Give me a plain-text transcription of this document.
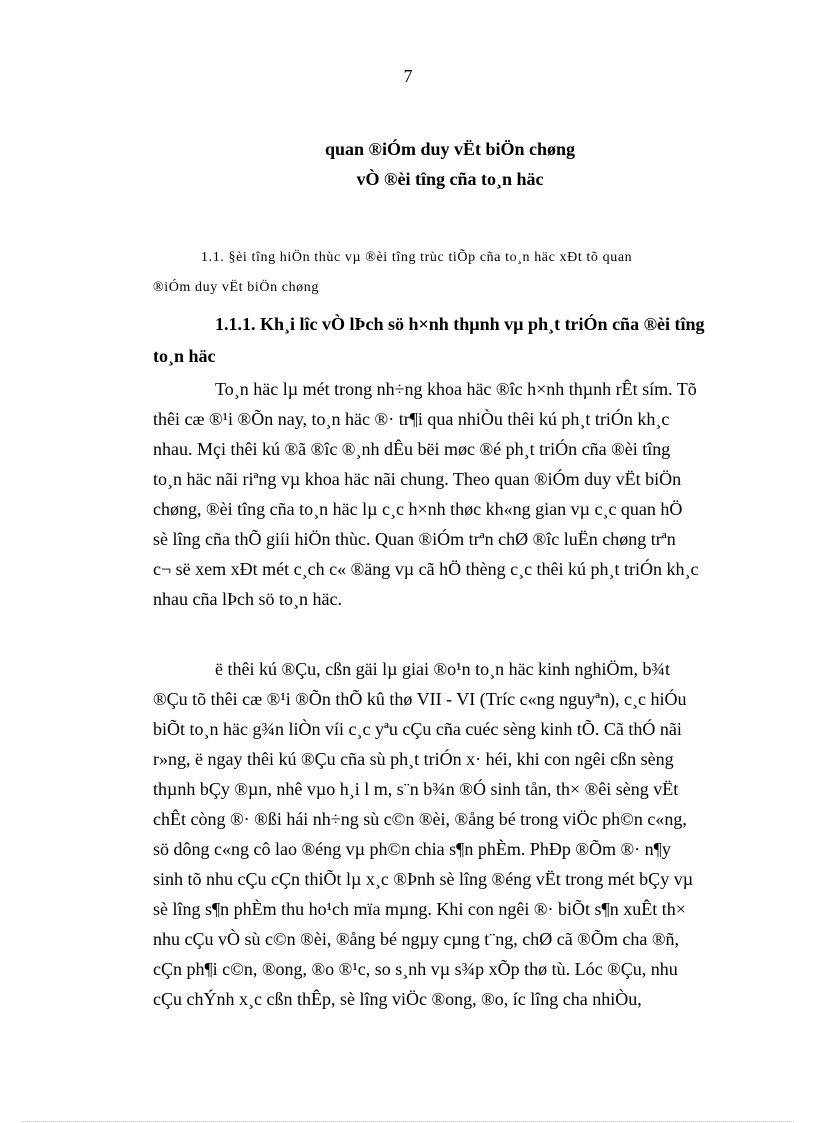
7
quan ®iÓm duy vËt biÖn chøng
vÒ ®èi tîng cña to¸n häc
1.1. §èi tîng hiÖn thùc vµ ®èi tîng trùc tiÕp cña to¸n häc xÐt tõ quan
®iÓm duy vËt biÖn chøng
1.1.1. Kh¸i lîc vÒ lÞch sö h×nh thµnh vµ ph¸t triÓn cña ®èi tîng
to¸n häc
To¸n häc lµ mét trong nh÷ng khoa häc ®îc h×nh thµnh rÊt sím. Tõ
thêi cæ ®¹i ®Õn nay, to¸n häc ®· tr¶i qua nhiÒu thêi kú ph¸t triÓn kh¸c
nhau. Mçi thêi kú ®ã ®îc ®¸nh dÊu bëi møc ®é ph¸t triÓn cña ®èi tîng
to¸n häc nãi riªng vµ khoa häc nãi chung. Theo quan ®iÓm duy vËt biÖn
chøng, ®èi tîng cña to¸n häc lµ c¸c h×nh thøc kh«ng gian vµ c¸c quan hÖ
sè lîng cña thÕ giíi hiÖn thùc. Quan ®iÓm trªn chØ ®îc luËn chøng trªn
c¬ së xem xÐt mét c¸ch c« ®äng vµ cã hÖ thèng c¸c thêi kú ph¸t triÓn kh¸c
nhau cña lÞch sö to¸n häc.
ë thêi kú ®Çu, cßn gäi lµ giai ®o¹n to¸n häc kinh nghiÖm, b¾t
®Çu tõ thêi cæ ®¹i ®Õn thÕ kû thø VII - VI (Tríc c«ng nguyªn), c¸c hiÓu
biÕt to¸n häc g¾n liÒn víi c¸c yªu cÇu cña cuéc sèng kinh tÕ. Cã thÓ nãi
r»ng, ë ngay thêi kú ®Çu cña sù ph¸t triÓn x· héi, khi con ngêi cßn sèng
thµnh bÇy ®µn, nhê vµo h¸i l m, s¨n b¾n ®Ó sinh tån, th× ®êi sèng vËt
chÊt còng ®· ®ßi hái nh÷ng sù c©n ®èi, ®ång bé trong viÖc ph©n c«ng,
sö dông c«ng cô lao ®éng vµ ph©n chia s¶n phÈm. PhÐp ®Õm ®· n¶y
sinh tõ nhu cÇu cÇn thiÕt lµ x¸c ®Þnh sè lîng ®éng vËt trong mét bÇy vµ
sè lîng s¶n phÈm thu ho¹ch mïa mµng. Khi con ngêi ®· biÕt s¶n xuÊt th×
nhu cÇu vÒ sù c©n ®èi, ®ång bé ngµy cµng t¨ng, chØ cã ®Õm cha ®ñ,
cÇn ph¶i c©n, ®ong, ®o ®¹c, so s¸nh vµ s¾p xÕp thø tù. Lóc ®Çu, nhu
cÇu chÝnh x¸c cßn thÊp, sè lîng viÖc ®ong, ®o, íc lîng cha nhiÒu,
